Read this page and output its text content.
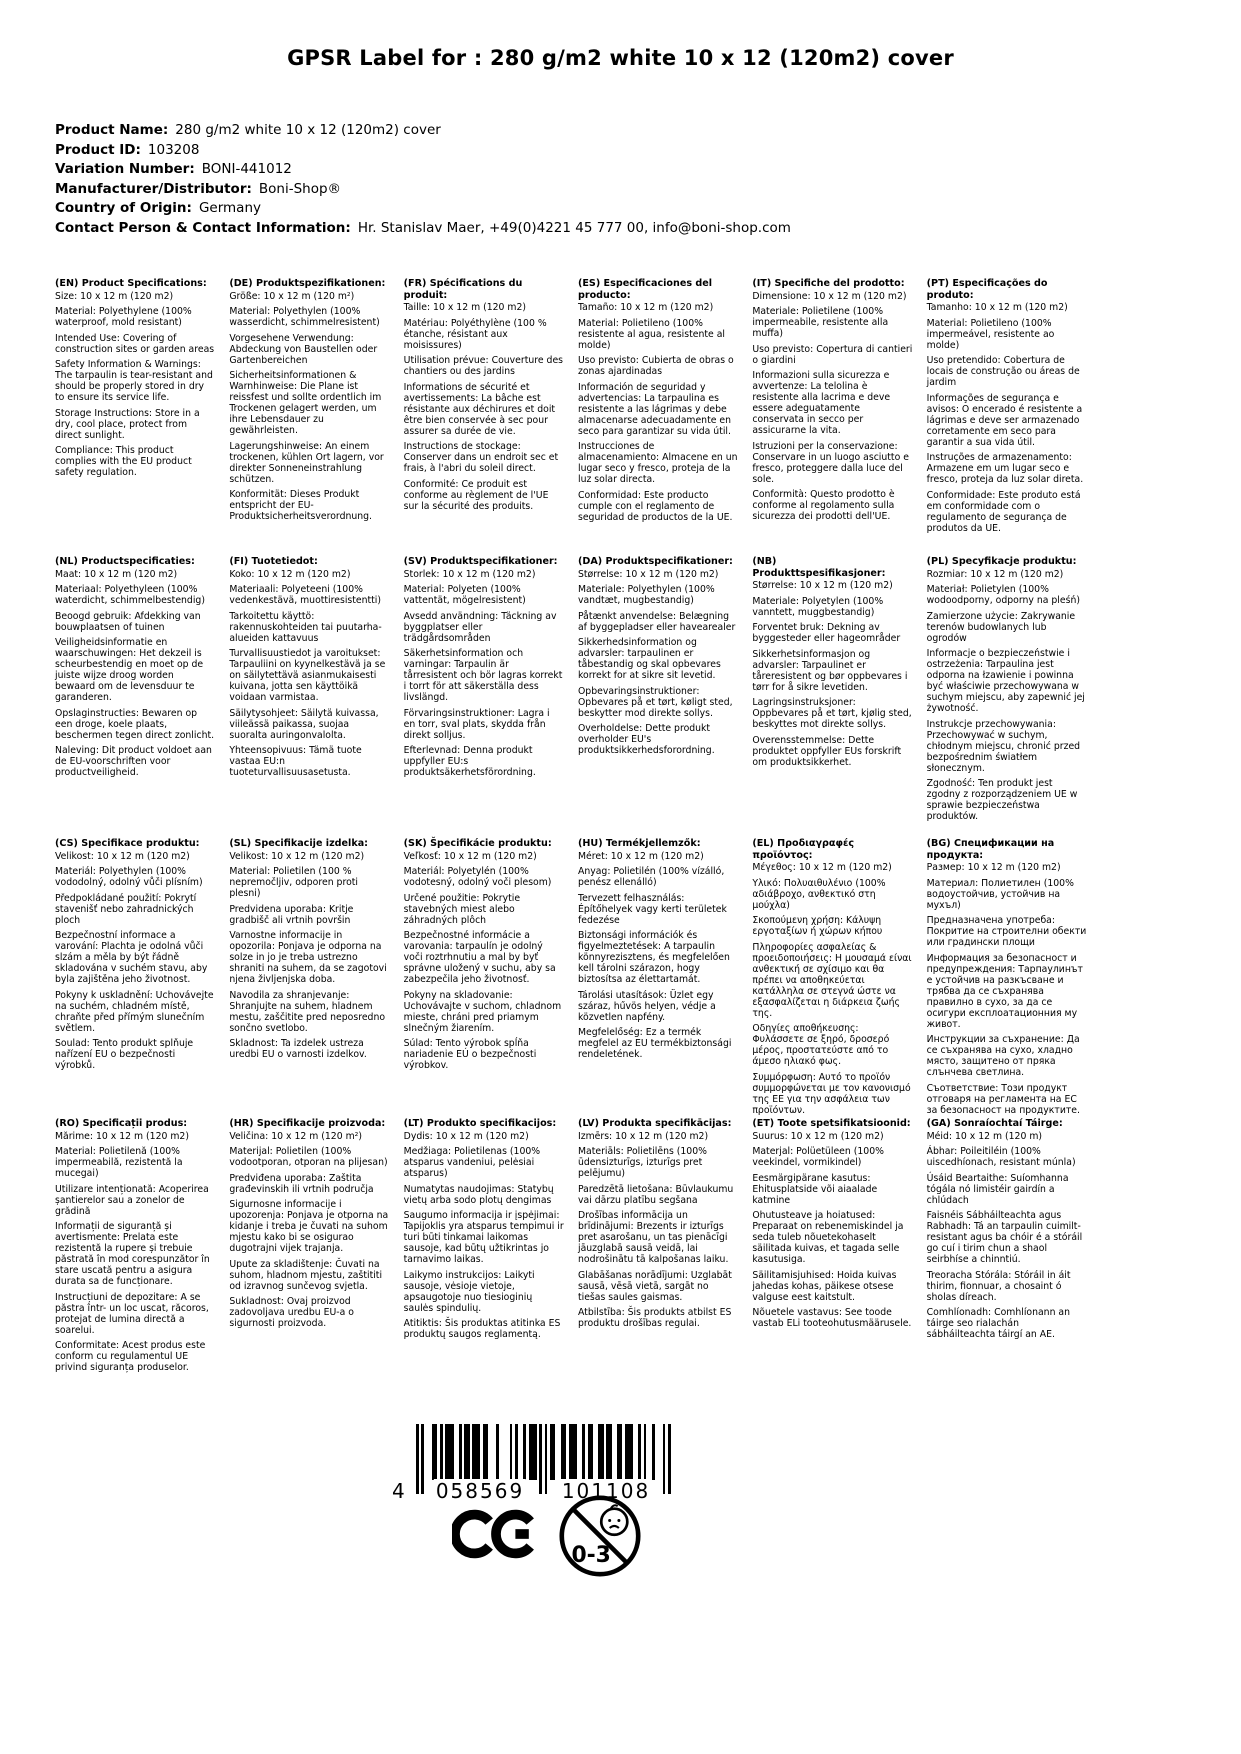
GPSR Label for : 280 g/m2 white 10 x 12 (120m2) cover
Product Name: 280 g/m2 white 10 x 12 (120m2) cover
Product ID: 103208
Variation Number: BONI-441012
Manufacturer/Distributor: Boni-Shop®
Country of Origin: Germany
Contact Person & Contact Information: Hr. Stanislav Maer, +49(0)4221 45 777 00, info@boni-shop.com
(EN) Product Specifications:

Size: 10 x 12 m (120 m2)

Material: Polyethylene (100% waterproof, mold resistant)

Intended Use: Covering of construction sites or garden areas

Safety Information & Warnings: The tarpaulin is tear-resistant and should be properly stored in dry to ensure its service life.

Storage Instructions: Store in a dry, cool place, protect from direct sunlight.

Compliance: This product complies with the EU product safety regulation.

(DE) Produktspezifikationen:

Größe: 10 x 12 m (120 m²)

Material: Polyethylen (100% wasserdicht, schimmelresistent)

Vorgesehene Verwendung: Abdeckung von Baustellen oder Gartenbereichen

Sicherheitsinformationen & Warnhinweise: Die Plane ist reissfest und sollte ordentlich im Trockenen gelagert werden, um ihre Lebensdauer zu gewährleisten.

Lagerungshinweise: An einem trockenen, kühlen Ort lagern, vor direkter Sonneneinstrahlung schützen.

Konformität: Dieses Produkt entspricht der EU-Produktsicherheitsverordnung.

(FR) Spécifications du produit:

Taille: 10 x 12 m (120 m2)

Matériau: Polyéthylène (100 % étanche, résistant aux moisissures)

Utilisation prévue: Couverture des chantiers ou des jardins

Informations de sécurité et avertissements: La bâche est résistante aux déchirures et doit être bien conservée à sec pour assurer sa durée de vie.

Instructions de stockage: Conserver dans un endroit sec et frais, à l'abri du soleil direct.

Conformité: Ce produit est conforme au règlement de l'UE sur la sécurité des produits.

(ES) Especificaciones del producto:

Tamaño: 10 x 12 m (120 m2)

Material: Polietileno (100% resistente al agua, resistente al molde)

Uso previsto: Cubierta de obras o zonas ajardinadas

Información de seguridad y advertencias: La tarpaulina es resistente a las lágrimas y debe almacenarse adecuadamente en seco para garantizar su vida útil.

Instrucciones de almacenamiento: Almacene en un lugar seco y fresco, proteja de la luz solar directa.

Conformidad: Este producto cumple con el reglamento de seguridad de productos de la UE.

(IT) Specifiche del prodotto:

Dimensione: 10 x 12 m (120 m2)

Materiale: Polietilene (100% impermeabile, resistente alla muffa)

Uso previsto: Copertura di cantieri o giardini

Informazioni sulla sicurezza e avvertenze: La telolina è resistente alla lacrima e deve essere adeguatamente conservata in secco per assicurarne la vita.

Istruzioni per la conservazione: Conservare in un luogo asciutto e fresco, proteggere dalla luce del sole.

Conformità: Questo prodotto è conforme al regolamento sulla sicurezza dei prodotti dell'UE.

(PT) Especificações do produto:

Tamanho: 10 x 12 m (120 m2)

Material: Polietileno (100% impermeável, resistente ao molde)

Uso pretendido: Cobertura de locais de construção ou áreas de jardim

Informações de segurança e avisos: O encerado é resistente a lágrimas e deve ser armazenado corretamente em seco para garantir a sua vida útil.

Instruções de armazenamento: Armazene em um lugar seco e fresco, proteja da luz solar direta.

Conformidade: Este produto está em conformidade com o regulamento de segurança de produtos da UE.

(NL) Productspecificaties:

Maat: 10 x 12 m (120 m2)

Materiaal: Polyethyleen (100% waterdicht, schimmelbestendig)

Beoogd gebruik: Afdekking van bouwplaatsen of tuinen

Veiligheidsinformatie en waarschuwingen: Het dekzeil is scheurbestendig en moet op de juiste wijze droog worden bewaard om de levensduur te garanderen.

Opslaginstructies: Bewaren op een droge, koele plaats, beschermen tegen direct zonlicht.

Naleving: Dit product voldoet aan de EU-voorschriften voor productveiligheid.

(FI) Tuotetiedot:

Koko: 10 x 12 m (120 m2)

Materiaali: Polyeteeni (100% vedenkestävä, muottiresistentti)

Tarkoitettu käyttö: rakennuskohteiden tai puutarha-alueiden kattavuus

Turvallisuustiedot ja varoitukset: Tarpauliini on kyynelkestävä ja se on säilytettävä asianmukaisesti kuivana, jotta sen käyttöikä voidaan varmistaa.

Säilytysohjeet: Säilytä kuivassa, viileässä paikassa, suojaa suoralta auringonvalolta.

Yhteensopivuus: Tämä tuote vastaa EU:n tuoteturvallisuusasetusta.

(SV) Produktspecifikationer:

Storlek: 10 x 12 m (120 m2)

Material: Polyeten (100% vattentät, mögelresistent)

Avsedd användning: Täckning av byggplatser eller trädgårdsområden

Säkerhetsinformation och varningar: Tarpaulin är tårresistent och bör lagras korrekt i torrt för att säkerställa dess livslängd.

Förvaringsinstruktioner: Lagra i en torr, sval plats, skydda från direkt solljus.

Efterlevnad: Denna produkt uppfyller EU:s produktsäkerhetsförordning.

(DA) Produktspecifikationer:

Størrelse: 10 x 12 m (120 m2)

Materiale: Polyethylen (100% vandtæt, mugbestandig)

Påtænkt anvendelse: Belægning af byggepladser eller havearealer

Sikkerhedsinformation og advarsler: tarpaulinen er tåbestandig og skal opbevares korrekt for at sikre sit levetid.

Opbevaringsinstruktioner: Opbevares på et tørt, køligt sted, beskytter mod direkte sollys.

Overholdelse: Dette produkt overholder EU's produktsikkerhedsforordning.

(NB) Produkttspesifikasjoner:

Størrelse: 10 x 12 m (120 m2)

Materiale: Polyetylen (100% vanntett, muggbestandig)

Forventet bruk: Dekning av byggesteder eller hageområder

Sikkerhetsinformasjon og advarsler: Tarpaulinet er tåreresistent og bør oppbevares i tørr for å sikre levetiden.

Lagringsinstruksjoner: Oppbevares på et tørt, kjølig sted, beskyttes mot direkte sollys.

Overensstemmelse: Dette produktet oppfyller EUs forskrift om produktsikkerhet.

(PL) Specyfikacje produktu:

Rozmiar: 10 x 12 m (120 m2)

Materiał: Polietylen (100% wodoodporny, odporny na pleśń)

Zamierzone użycie: Zakrywanie terenów budowlanych lub ogrodów

Informacje o bezpieczeństwie i ostrzeżenia: Tarpaulina jest odporna na łzawienie i powinna być właściwie przechowywana w suchym miejscu, aby zapewnić jej żywotność.

Instrukcje przechowywania: Przechowywać w suchym, chłodnym miejscu, chronić przed bezpośrednim światłem słonecznym.

Zgodność: Ten produkt jest zgodny z rozporządzeniem UE w sprawie bezpieczeństwa produktów.

(CS) Specifikace produktu:

Velikost: 10 x 12 m (120 m2)

Materiál: Polyethylen (100% vododolný, odolný vůči plísním)

Předpokládané použití: Pokrytí stavenišť nebo zahradnických ploch

Bezpečnostní informace a varování: Plachta je odolná vůči slzám a měla by být řádně skladována v suchém stavu, aby byla zajištěna jeho životnost.

Pokyny k uskladnění: Uchovávejte na suchém, chladném místě, chraňte před přímým slunečním světlem.

Soulad: Tento produkt splňuje nařízení EU o bezpečnosti výrobků.

(SL) Specifikacije izdelka:

Velikost: 10 x 12 m (120 m2)

Material: Polietilen (100 % nepremočljiv, odporen proti plesni)

Predvidena uporaba: Kritje gradbišč ali vrtnih površin

Varnostne informacije in opozorila: Ponjava je odporna na solze in jo je treba ustrezno shraniti na suhem, da se zagotovi njena življenjska doba.

Navodila za shranjevanje: Shranjujte na suhem, hladnem mestu, zaščitite pred neposredno sončno svetlobo.

Skladnost: Ta izdelek ustreza uredbi EU o varnosti izdelkov.

(SK) Špecifikácie produktu:

Veľkosť: 10 x 12 m (120 m2)

Materiál: Polyetylén (100% vodotesný, odolný voči plesom)

Určené použitie: Pokrytie stavebných miest alebo záhradných plôch

Bezpečnostné informácie a varovania: tarpaulín je odolný voči roztrhnutiu a mal by byť správne uložený v suchu, aby sa zabezpečila jeho životnosť.

Pokyny na skladovanie: Uchovávajte v suchom, chladnom mieste, chráni pred priamym slnečným žiarením.

Súlad: Tento výrobok spĺňa nariadenie EÚ o bezpečnosti výrobkov.

(HU) Termékjellemzők:

Méret: 10 x 12 m (120 m2)

Anyag: Polietilén (100% vízálló, penész ellenálló)

Tervezett felhasználás: Építőhelyek vagy kerti területek fedezése

Biztonsági információk és figyelmeztetések: A tarpaulin könnyrezisztens, és megfelelően kell tárolni szárazon, hogy biztosítsa az élettartamát.

Tárolási utasítások: Üzlet egy száraz, hűvös helyen, védje a közvetlen napfény.

Megfelelőség: Ez a termék megfelel az EU termékbiztonsági rendeletének.

(EL) Προδιαγραφές προϊόντος:

Μέγεθος: 10 x 12 m (120 m2)

Υλικό: Πολυαιθυλένιο (100% αδιάβροχο, ανθεκτικό στη μούχλα)

Σκοπούμενη χρήση: Κάλυψη εργοταξίων ή χώρων κήπου

Πληροφορίες ασφαλείας & προειδοποιήσεις: Η μουσαμά είναι ανθεκτική σε σχίσιμο και θα πρέπει να αποθηκεύεται κατάλληλα σε στεγνά ώστε να εξασφαλίζεται η διάρκεια ζωής της.

Οδηγίες αποθήκευσης: Φυλάσσετε σε ξηρό, δροσερό μέρος, προστατεύστε από το άμεσο ηλιακό φως.

Συμμόρφωση: Αυτό το προϊόν συμμορφώνεται με τον κανονισμό της ΕΕ για την ασφάλεια των προϊόντων.

(BG) Спецификации на продукта:

Размер: 10 x 12 m (120 m2)

Материал: Полиетилен (100% водоустойчив, устойчив на мухъл)

Предназначена употреба: Покритие на строителни обекти или градински площи

Информация за безопасност и предупреждения: Тарпаулинът е устойчив на разкъсване и трябва да се съхранява правилно в сухо, за да се осигури експлоатационния му живот.

Инструкции за съхранение: Да се съхранява на сухо, хладно място, защитено от пряка слънчева светлина.

Съответствие: Този продукт отговаря на регламента на ЕС за безопасност на продуктите.

(RO) Specificații produs:

Mărime: 10 x 12 m (120 m2)

Material: Polietilenă (100% impermeabilă, rezistentă la mucegai)

Utilizare intenționată: Acoperirea șantierelor sau a zonelor de grădină

Informații de siguranță și avertismente: Prelata este rezistentă la rupere și trebuie păstrată în mod corespunzător în stare uscată pentru a asigura durata sa de funcționare.

Instrucțiuni de depozitare: A se păstra într- un loc uscat, răcoros, protejat de lumina directă a soarelui.

Conformitate: Acest produs este conform cu regulamentul UE privind siguranța produselor.

(HR) Specifikacije proizvoda:

Veličina: 10 x 12 m (120 m²)

Materijal: Polietilen (100% vodootporan, otporan na plijesan)

Predviđena uporaba: Zaštita građevinskih ili vrtnih područja

Sigurnosne informacije i upozorenja: Ponjava je otporna na kidanje i treba je čuvati na suhom mjestu kako bi se osigurao dugotrajni vijek trajanja.

Upute za skladištenje: Čuvati na suhom, hladnom mjestu, zaštititi od izravnog sunčevog svjetla.

Sukladnost: Ovaj proizvod zadovoljava uredbu EU-a o sigurnosti proizvoda.

(LT) Produkto specifikacijos:

Dydis: 10 x 12 m (120 m2)

Medžiaga: Polietilenas (100% atsparus vandeniui, pelėsiai atsparus)

Numatytas naudojimas: Statybų vietų arba sodo plotų dengimas

Saugumo informacija ir įspėjimai: Tapijoklis yra atsparus tempimui ir turi būti tinkamai laikomas sausoje, kad būtų užtikrintas jo tarnavimo laikas.

Laikymo instrukcijos: Laikyti sausoje, vėsioje vietoje, apsaugotoje nuo tiesioginių saulės spindulių.

Atitiktis: Šis produktas atitinka ES produktų saugos reglamentą.

(LV) Produkta specifikācijas:

Izmērs: 10 x 12 m (120 m2)

Materiāls: Polietilēns (100% ūdensizturīgs, izturīgs pret pelējumu)

Paredzētā lietošana: Būvlaukumu vai dārzu platību segšana

Drošības informācija un brīdinājumi: Brezents ir izturīgs pret asarošanu, un tas pienācīgi jāuzglabā sausā veidā, lai nodrošinātu tā kalpošanas laiku.

Glabāšanas norādījumi: Uzglabāt sausā, vēsā vietā, sargāt no tiešas saules gaismas.

Atbilstība: Šis produkts atbilst ES produktu drošības regulai.

(ET) Toote spetsifikatsioonid:

Suurus: 10 x 12 m (120 m2)

Materjal: Polüetüleen (100% veekindel, vormikindel)

Eesmärgipärane kasutus: Ehitusplatside või aiaalade katmine

Ohutusteave ja hoiatused: Preparaat on rebenemiskindel ja seda tuleb nõuetekohaselt säilitada kuivas, et tagada selle kasutusiga.

Säilitamisjuhised: Hoida kuivas jahedas kohas, päikese otsese valguse eest kaitstult.

Nõuetele vastavus: See toode vastab ELi tooteohutusmäärusele.

(GA) Sonraíochtaí Táirge:

Méid: 10 x 12 m (120 m)

Ábhar: Poileitiléin (100% uiscedhíonach, resistant múnla)

Úsáid Beartaithe: Suíomhanna tógála nó limistéir gairdín a chlúdach

Faisnéis Sábháilteachta agus Rabhadh: Tá an tarpaulin cuimilt-resistant agus ba chóir é a stóráil go cuí i tirim chun a shaol seirbhíse a chinntiú.

Treoracha Stórála: Stóráil in áit thirim, fionnuar, a chosaint ó sholas díreach.

Comhlíonadh: Comhlíonann an táirge seo rialachán sábháilteachta táirgí an AE.

4 058569 101108
0-3
